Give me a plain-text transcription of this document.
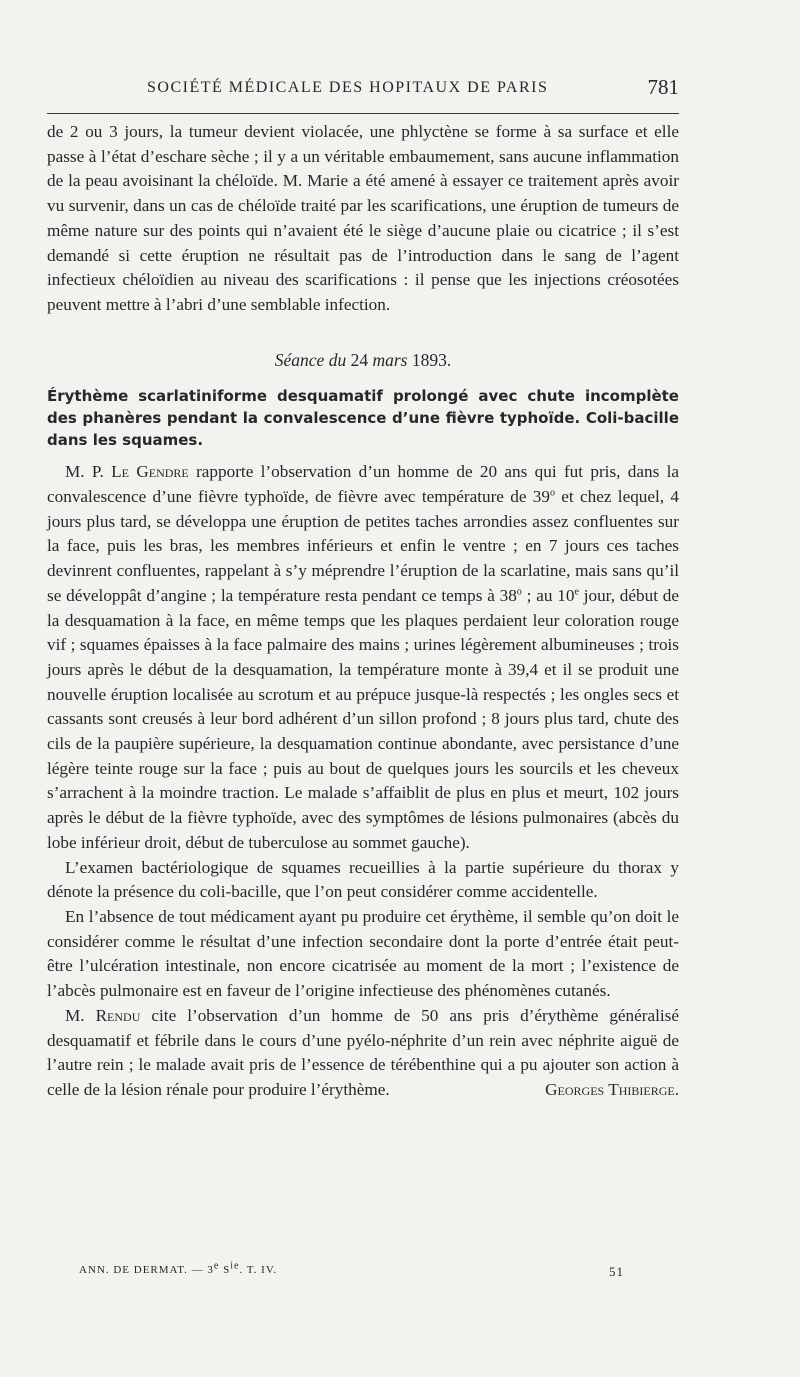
SOCIÉTÉ MÉDICALE DES HOPITAUX DE PARIS	781

de 2 ou 3 jours, la tumeur devient violacée, une phlyctène se forme à sa surface et elle passe à l’état d’eschare sèche ; il y a un véritable embaumement, sans aucune inflammation de la peau avoisinant la chéloïde. M. Marie a été amené à essayer ce traitement après avoir vu survenir, dans un cas de chéloïde traité par les scarifications, une éruption de tumeurs de même nature sur des points qui n’avaient été le siège d’aucune plaie ou cicatrice ; il s’est demandé si cette éruption ne résultait pas de l’introduction dans le sang de l’agent infectieux chéloïdien au niveau des scarifications : il pense que les injections créosotées peuvent mettre à l’abri d’une semblable infection.

Séance du 24 mars 1893.

Érythème scarlatiniforme desquamatif prolongé avec chute incomplète des phanères pendant la convalescence d’une fièvre typhoïde. Coli-bacille dans les squames.

M. P. Le Gendre rapporte l’observation d’un homme de 20 ans qui fut pris, dans la convalescence d’une fièvre typhoïde, de fièvre avec température de 39$^o$ et chez lequel, 4 jours plus tard, se développa une éruption de petites taches arrondies assez confluentes sur la face, puis les bras, les membres inférieurs et enfin le ventre ; en 7 jours ces taches devinrent confluentes, rappelant à s’y méprendre l’éruption de la scarlatine, mais sans qu’il se développât d’angine ; la température resta pendant ce temps à 38$^o$ ; au 10e jour, début de la desquamation à la face, en même temps que les plaques perdaient leur coloration rouge vif ; squames épaisses à la face palmaire des mains ; urines légèrement albumineuses ; trois jours après le début de la desquamation, la température monte à 39,4 et il se produit une nouvelle éruption localisée au scrotum et au prépuce jusque-là respectés ; les ongles secs et cassants sont creusés à leur bord adhérent d’un sillon profond ; 8 jours plus tard, chute des cils de la paupière supérieure, la desquamation continue abondante, avec persistance d’une légère teinte rouge sur la face ; puis au bout de quelques jours les sourcils et les cheveux s’arrachent à la moindre traction. Le malade s’affaiblit de plus en plus et meurt, 102 jours après le début de la fièvre typhoïde, avec des symptômes de lésions pulmonaires (abcès du lobe inférieur droit, début de tuberculose au sommet gauche).

L’examen bactériologique de squames recueillies à la partie supérieure du thorax y dénote la présence du coli-bacille, que l’on peut considérer comme accidentelle.

En l’absence de tout médicament ayant pu produire cet érythème, il semble qu’on doit le considérer comme le résultat d’une infection secondaire dont la porte d’entrée était peut-être l’ulcération intestinale, non encore cicatrisée au moment de la mort ; l’existence de l’abcès pulmonaire est en faveur de l’origine infectieuse des phénomènes cutanés.

M. Rendu cite l’observation d’un homme de 50 ans pris d’érythème généralisé desquamatif et fébrile dans le cours d’une pyélo-néphrite d’un rein avec néphrite aiguë de l’autre rein ; le malade avait pris de l’essence de térébenthine qui a pu ajouter son action à celle de la lésion rénale pour produire l’érythème.	Georges Thibierge.

ANN. DE DERMAT. — 3e $S^{ie}$. T. IV.	51
